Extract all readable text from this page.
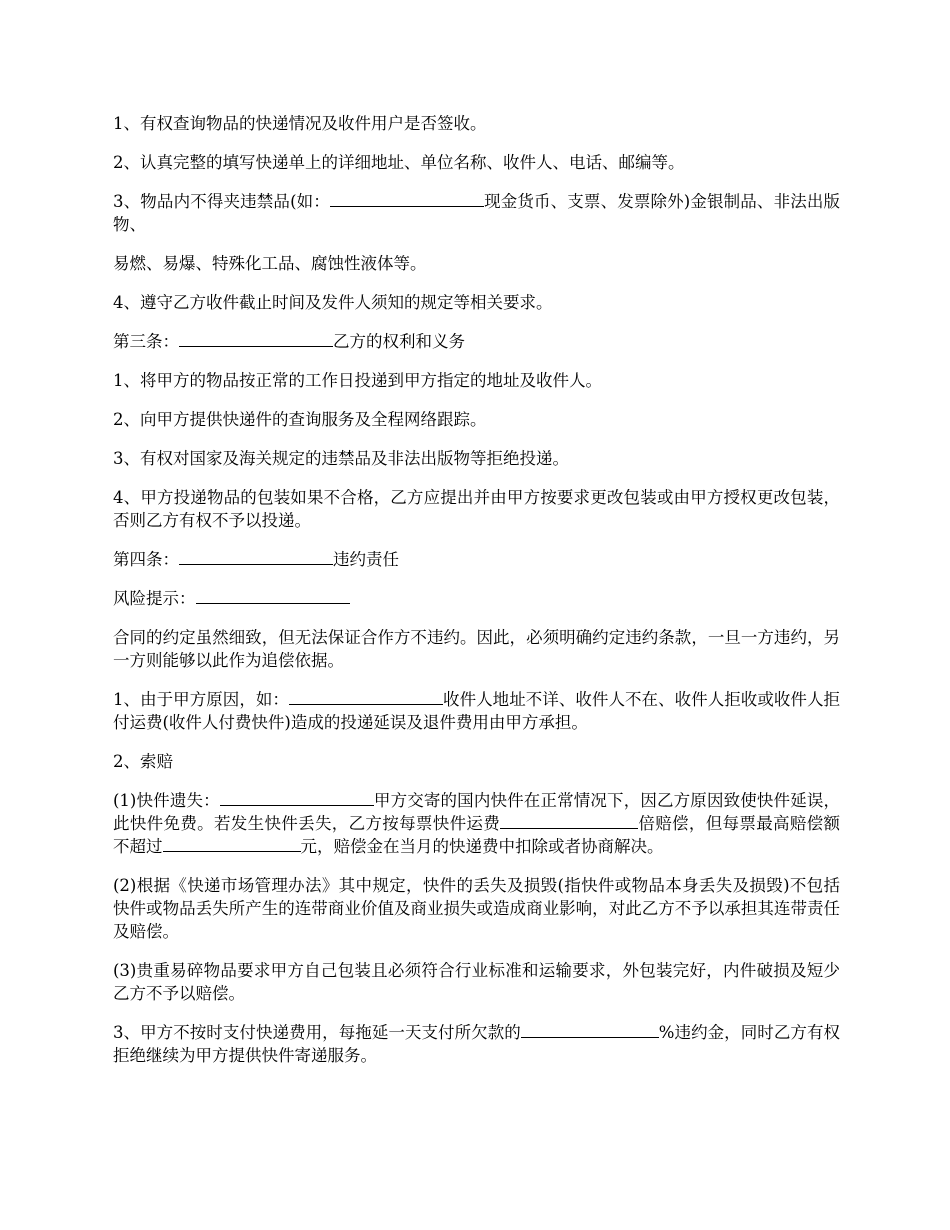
1、有权查询物品的快递情况及收件用户是否签收。

2、认真完整的填写快递单上的详细地址、单位名称、收件人、电话、邮编等。

3、物品内不得夹违禁品(如：	现金货币、支票、发票除外)金银制品、非法出版物、

易燃、易爆、特殊化工品、腐蚀性液体等。

4、遵守乙方收件截止时间及发件人须知的规定等相关要求。

第三条：	乙方的权利和义务

1、将甲方的物品按正常的工作日投递到甲方指定的地址及收件人。

2、向甲方提供快递件的查询服务及全程网络跟踪。

3、有权对国家及海关规定的违禁品及非法出版物等拒绝投递。

4、甲方投递物品的包装如果不合格，乙方应提出并由甲方按要求更改包装或由甲方授权更改包装，否则乙方有权不予以投递。

第四条：	违约责任

风险提示：

合同的约定虽然细致，但无法保证合作方不违约。因此，必须明确约定违约条款，一旦一方违约，另一方则能够以此作为追偿依据。

1、由于甲方原因，如：	收件人地址不详、收件人不在、收件人拒收或收件人拒付运费(收件人付费快件)造成的投递延误及退件费用由甲方承担。

2、索赔

(1)快件遗失：	甲方交寄的国内快件在正常情况下，因乙方原因致使快件延误，此快件免费。若发生快件丢失，乙方按每票快件运费	倍赔偿，但每票最高赔偿额不超过	元，赔偿金在当月的快递费中扣除或者协商解决。

(2)根据《快递市场管理办法》其中规定，快件的丢失及损毁(指快件或物品本身丢失及损毁)不包括快件或物品丢失所产生的连带商业价值及商业损失或造成商业影响，对此乙方不予以承担其连带责任及赔偿。

(3)贵重易碎物品要求甲方自己包装且必须符合行业标准和运输要求，外包装完好，内件破损及短少乙方不予以赔偿。

3、甲方不按时支付快递费用，每拖延一天支付所欠款的	%违约金，同时乙方有权拒绝继续为甲方提供快件寄递服务。
